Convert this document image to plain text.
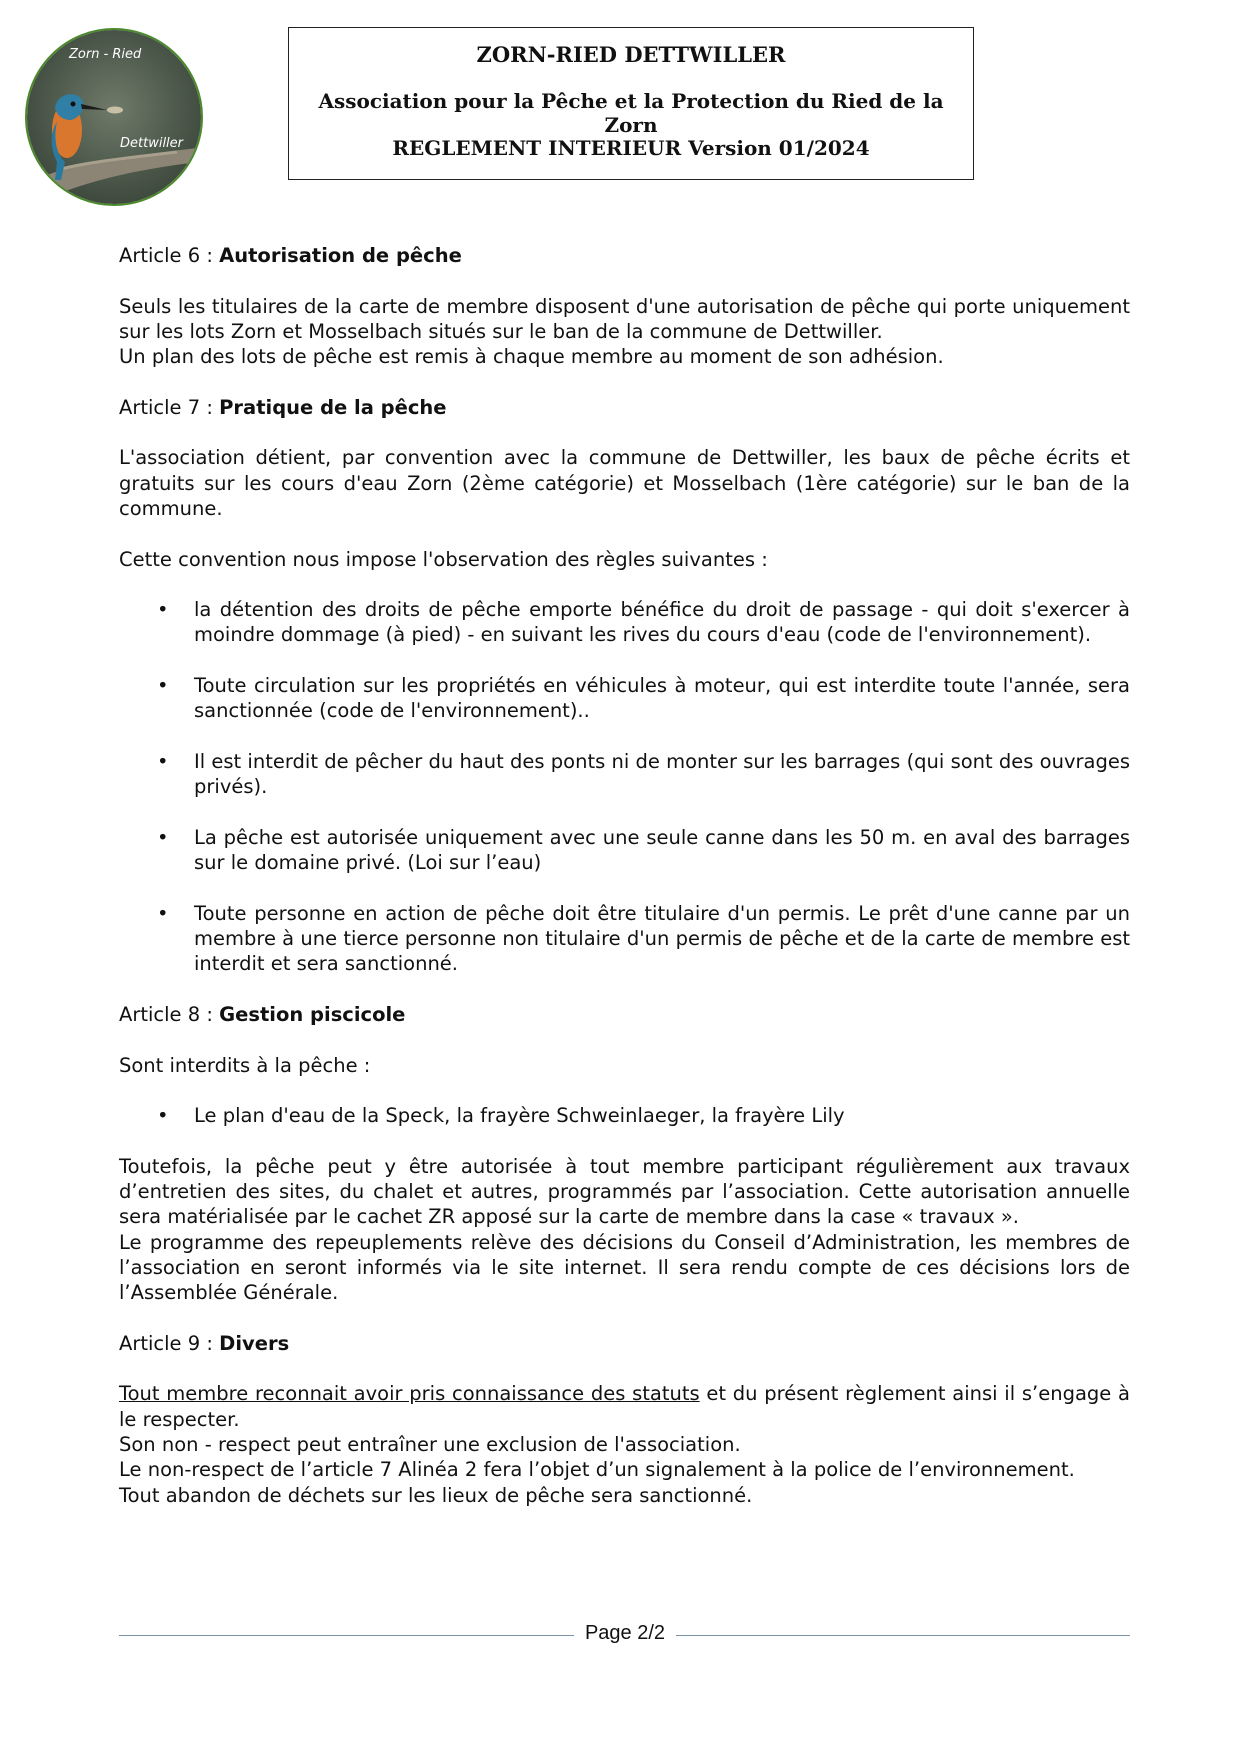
Zorn - Ried
Dettwiller
ZORN-RIED DETTWILLER
Association pour la Pêche et la Protection du Ried de la Zorn
REGLEMENT INTERIEUR Version 01/2024

Article 6 : Autorisation de pêche

Seuls les titulaires de la carte de membre disposent d'une autorisation de pêche qui porte uniquement sur les lots Zorn et Mosselbach situés sur le ban de la commune de Dettwiller.

Un plan des lots de pêche est remis à chaque membre au moment de son adhésion.

Article 7 : Pratique de la pêche

L'association détient, par convention avec la commune de Dettwiller, les baux de pêche écrits et gratuits sur les cours d'eau Zorn (2ème catégorie) et Mosselbach (1ère catégorie) sur le ban de la commune.

Cette convention nous impose l'observation des règles suivantes :

• la détention des droits de pêche emporte bénéfice du droit de passage - qui doit s'exercer à moindre dommage (à pied) - en suivant les rives du cours d'eau (code de l'environnement).
• Toute circulation sur les propriétés en véhicules à moteur, qui est interdite toute l'année, sera sanctionnée (code de l'environnement)..
• Il est interdit de pêcher du haut des ponts ni de monter sur les barrages (qui sont des ouvrages privés).
• La pêche est autorisée uniquement avec une seule canne dans les 50 m. en aval des barrages sur le domaine privé. (Loi sur l’eau)
• Toute personne en action de pêche doit être titulaire d'un permis. Le prêt d'une canne par un membre à une tierce personne non titulaire d'un permis de pêche et de la carte de membre est interdit et sera sanctionné.

Article 8 : Gestion piscicole

Sont interdits à la pêche :

• Le plan d'eau de la Speck, la frayère Schweinlaeger, la frayère Lily

Toutefois, la pêche peut y être autorisée à tout membre participant régulièrement aux travaux d’entretien des sites, du chalet et autres, programmés par l’association. Cette autorisation annuelle sera matérialisée par le cachet ZR apposé sur la carte de membre dans la case « travaux ».

Le programme des repeuplements relève des décisions du Conseil d’Administration, les membres de l’association en seront informés via le site internet. Il sera rendu compte de ces décisions lors de l’Assemblée Générale.

Article 9 : Divers

Tout membre reconnait avoir pris connaissance des statuts et du présent règlement ainsi il s’engage à le respecter.

Son non - respect peut entraîner une exclusion de l'association.

Le non-respect de l’article 7 Alinéa 2 fera l’objet d’un signalement à la police de l’environnement.

Tout abandon de déchets sur les lieux de pêche sera sanctionné.

Page 2/2
